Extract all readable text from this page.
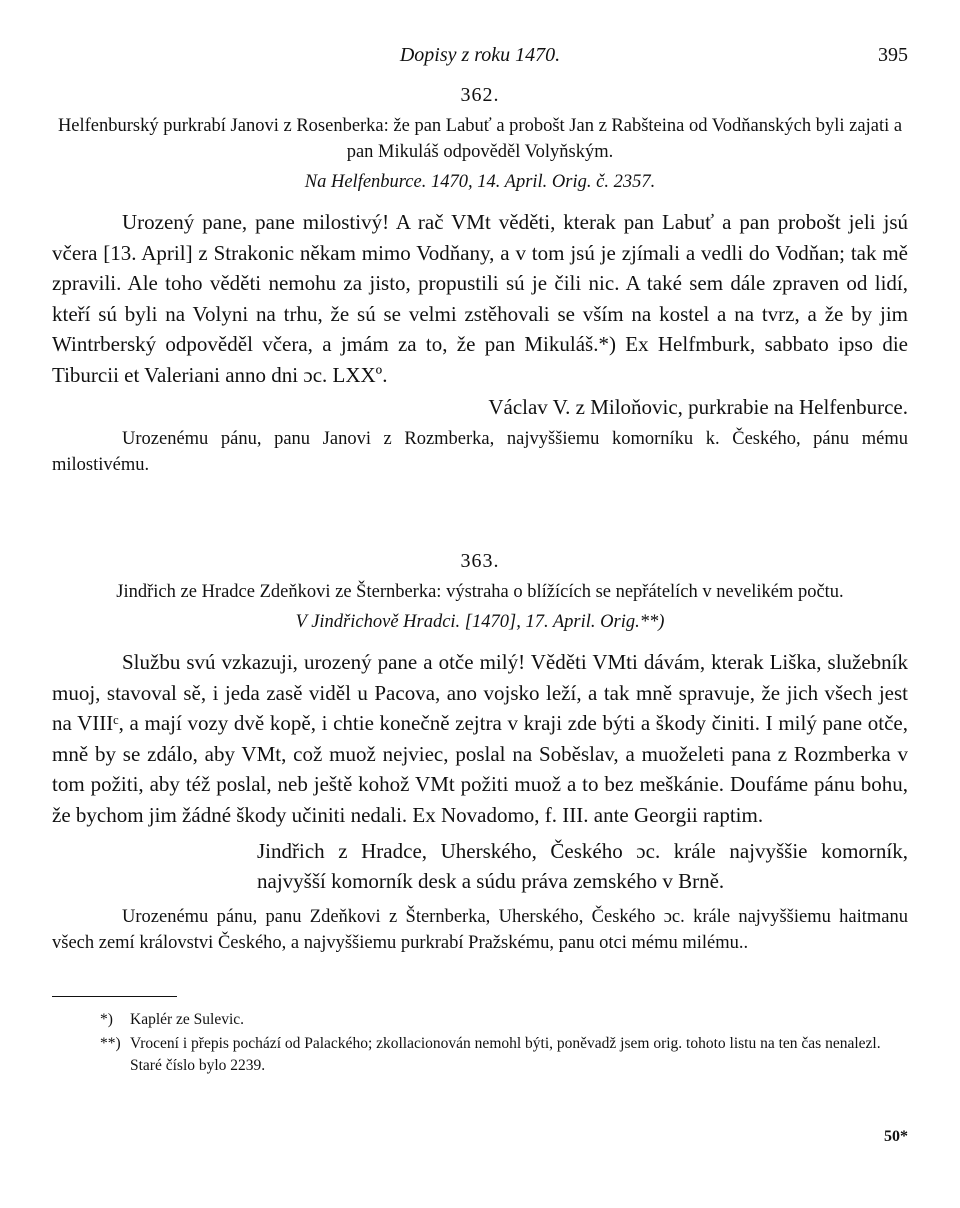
Dopisy z roku 1470.	395
362.

Helfenburský purkrabí Janovi z Rosenberka: že pan Labuť a probošt Jan z Rabšteina od Vodňanských byli zajati a pan Mikuláš odpověděl Volyňským.

Na Helfenburce. 1470, 14. April. Orig. č. 2357.

Urozený pane, pane milostivý! A rač VMt věděti, kterak pan Labuť a pan probošt jeli jsú včera [13. April] z Strakonic někam mimo Vodňany, a v tom jsú je zjímali a vedli do Vodňan; tak mě zpravili. Ale toho věděti nemohu za jisto, propustili sú je čili nic. A také sem dále zpraven od lidí, kteří sú byli na Volyni na trhu, že sú se velmi zstěhovali se vším na kostel a na tvrz, a že by jim Wintrberský odpověděl včera, a jmám za to, že pan Mikuláš.*) Ex Helfmburk, sabbato ipso die Tiburcii et Valeriani anno dni ɔc. LXXº.

Václav V. z Miloňovic, purkrabie na Helfenburce.

Urozenému pánu, panu Janovi z Rozmberka, najvyššiemu komorníku k. Českého, pánu mému milostivému.

363.

Jindřich ze Hradce Zdeňkovi ze Šternberka: výstraha o blížících se nepřátelích v nevelikém počtu.

V Jindřichově Hradci. [1470], 17. April. Orig.**)

Službu svú vzkazuji, urozený pane a otče milý! Věděti VMti dávám, kterak Liška, služebník muoj, stavoval sě, i jeda zasě viděl u Pacova, ano vojsko leží, a tak mně spravuje, že jich všech jest na VIIIᶜ, a mají vozy dvě kopě, i chtie konečně zejtra v kraji zde býti a škody činiti. I milý pane otče, mně by se zdálo, aby VMt, což muož nejviec, poslal na Soběslav, a muoželeti pana z Rozmberka v tom požiti, aby též poslal, neb ještě kohož VMt požiti muož a to bez meškánie. Doufáme pánu bohu, že bychom jim žádné škody učiniti nedali. Ex Novadomo, f. III. ante Georgii raptim.

Jindřich z Hradce, Uherského, Českého ɔc. krále najvyššie komorník, najvyšší komorník desk a súdu práva zemského v Brně.

Urozenému pánu, panu Zdeňkovi z Šternberka, Uherského, Českého ɔc. krále najvyššiemu haitmanu všech zemí královstvi Českého, a najvyššiemu purkrabí Pražskému, panu otci mému milému..

*) Kaplér ze Sulevic.

**) Vrocení i přepis pochází od Palackého; zkollacionován nemohl býti, poněvadž jsem orig. tohoto listu na ten čas nenalezl. Staré číslo bylo 2239.

50*
